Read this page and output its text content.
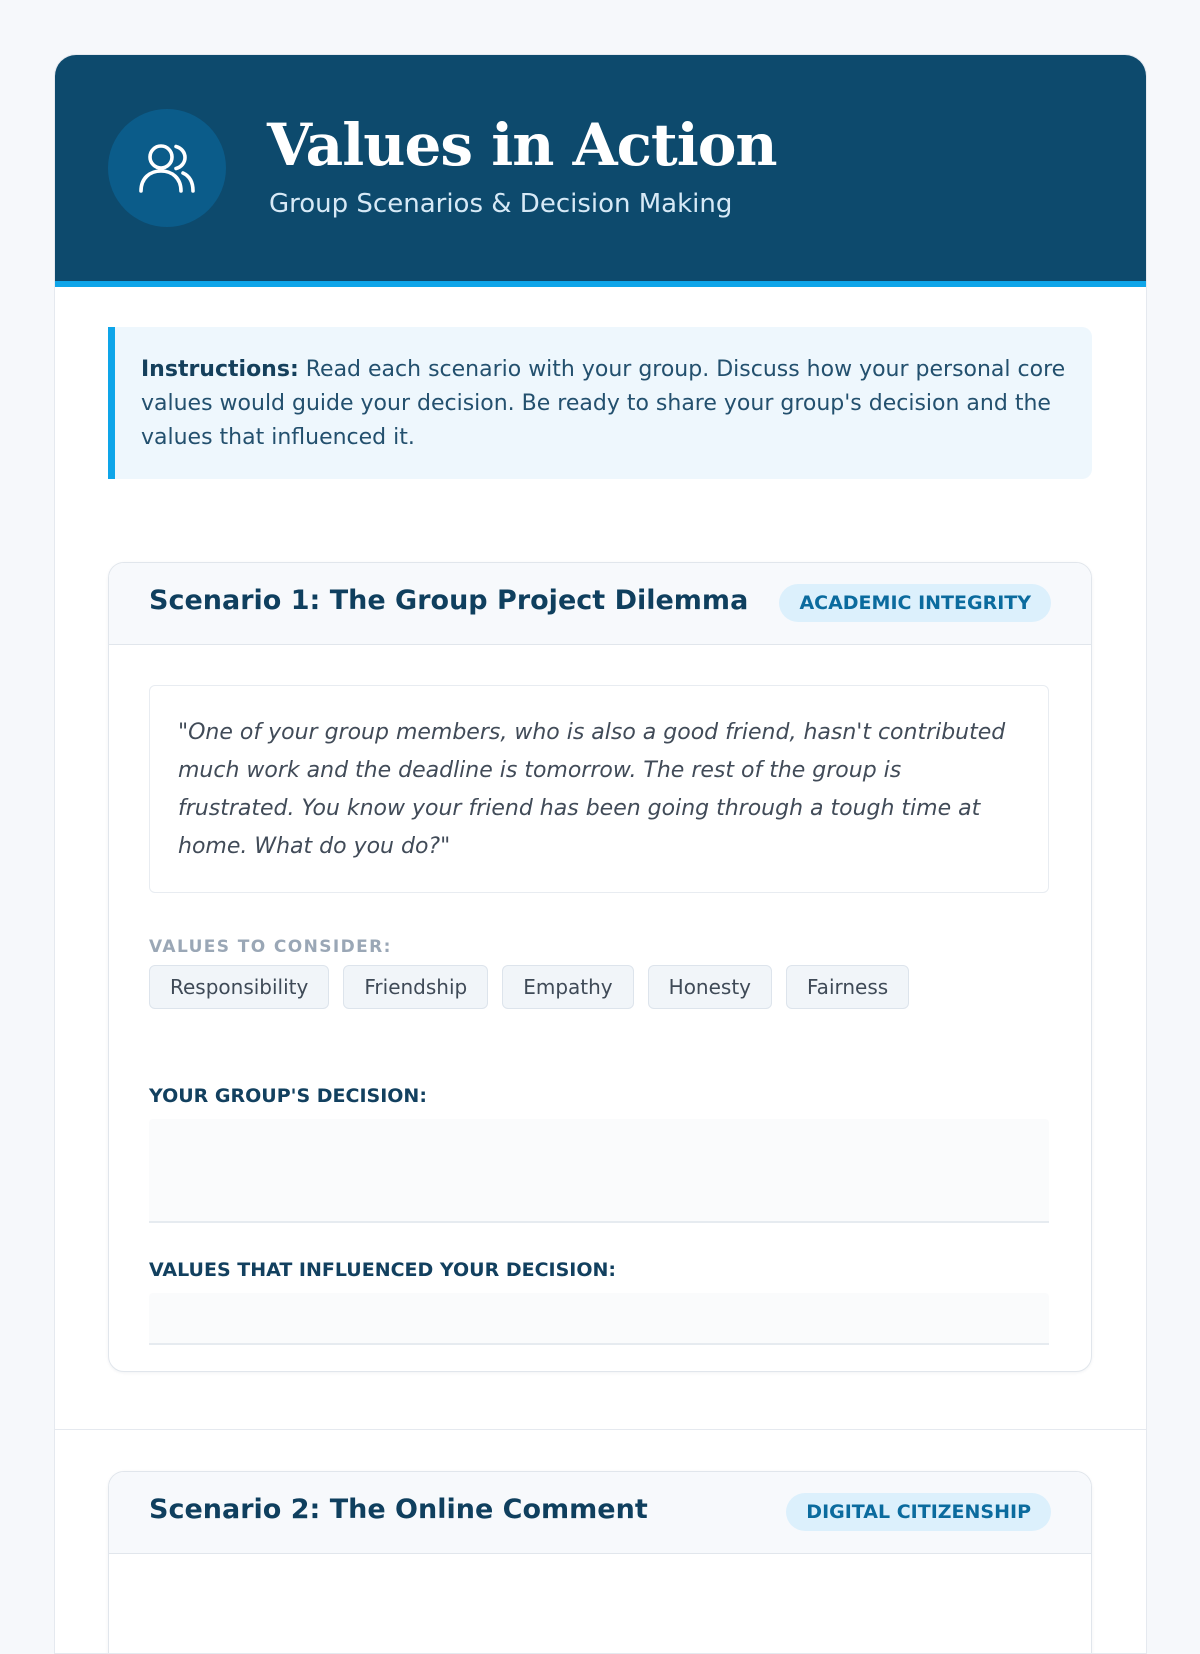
Values in Action
Group Scenarios & Decision Making
Instructions: Read each scenario with your group. Discuss how your personal core values would guide your decision. Be ready to share your group's decision and the values that influenced it.
Scenario 1: The Group Project Dilemma	ACADEMIC INTEGRITY
"One of your group members, who is also a good friend, hasn't contributed much work and the deadline is tomorrow. The rest of the group is frustrated. You know your friend has been going through a tough time at home. What do you do?"
VALUES TO CONSIDER:
Responsibility	Friendship	Empathy	Honesty	Fairness
YOUR GROUP'S DECISION:
VALUES THAT INFLUENCED YOUR DECISION:
Scenario 2: The Online Comment	DIGITAL CITIZENSHIP
